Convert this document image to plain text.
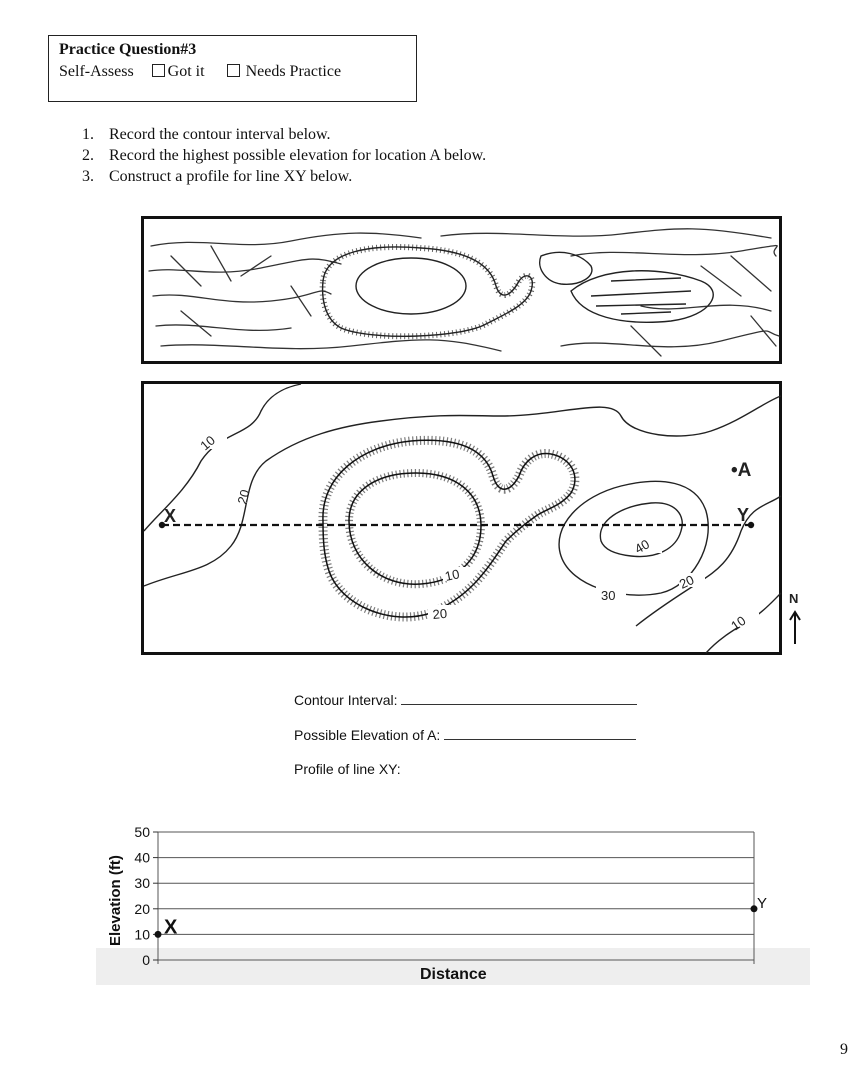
Practice Question#3
Self-Assess Got it	Needs Practice
1. Record the contour interval below.
2. Record the highest possible elevation for location A below.
3. Construct a profile for line XY below.
10
20
10
20
40
30
20
10
•A
X	Y
N
Contour Interval:
Possible Elevation of A:
Profile of line XY:
50
40
30
20
10
0
Elevation (ft)
Distance
X
Y
9
